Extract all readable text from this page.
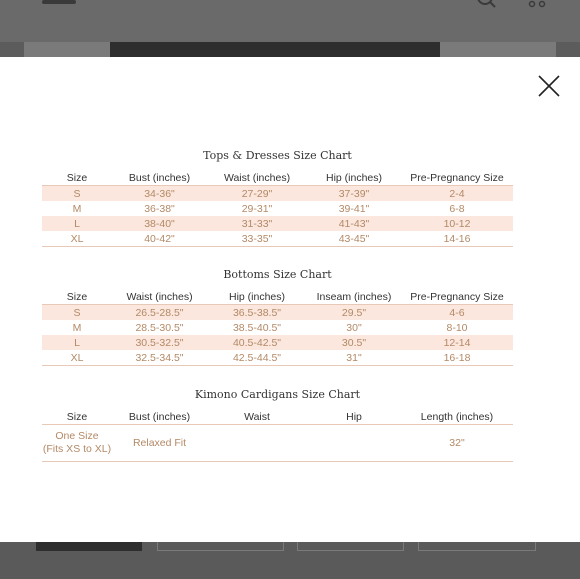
Tops & Dresses Size Chart
Size	Bust (inches)	Waist (inches)	Hip (inches)	Pre-Pregnancy Size
S	34-36"	27-29"	37-39"	2-4
M	36-38"	29-31"	39-41"	6-8
L	38-40"	31-33"	41-43"	10-12
XL	40-42"	33-35"	43-45"	14-16
Bottoms Size Chart
Size	Waist (inches)	Hip (inches)	Inseam (inches)	Pre-Pregnancy Size
S	26.5-28.5"	36.5-38.5"	29.5"	4-6
M	28.5-30.5"	38.5-40.5"	30"	8-10
L	30.5-32.5"	40.5-42.5"	30.5"	12-14
XL	32.5-34.5"	42.5-44.5"	31"	16-18
Kimono Cardigans Size Chart
Size	Bust (inches)	Waist	Hip	Length (inches)

One Size
(Fits XS to XL)	Relaxed Fit			32"
